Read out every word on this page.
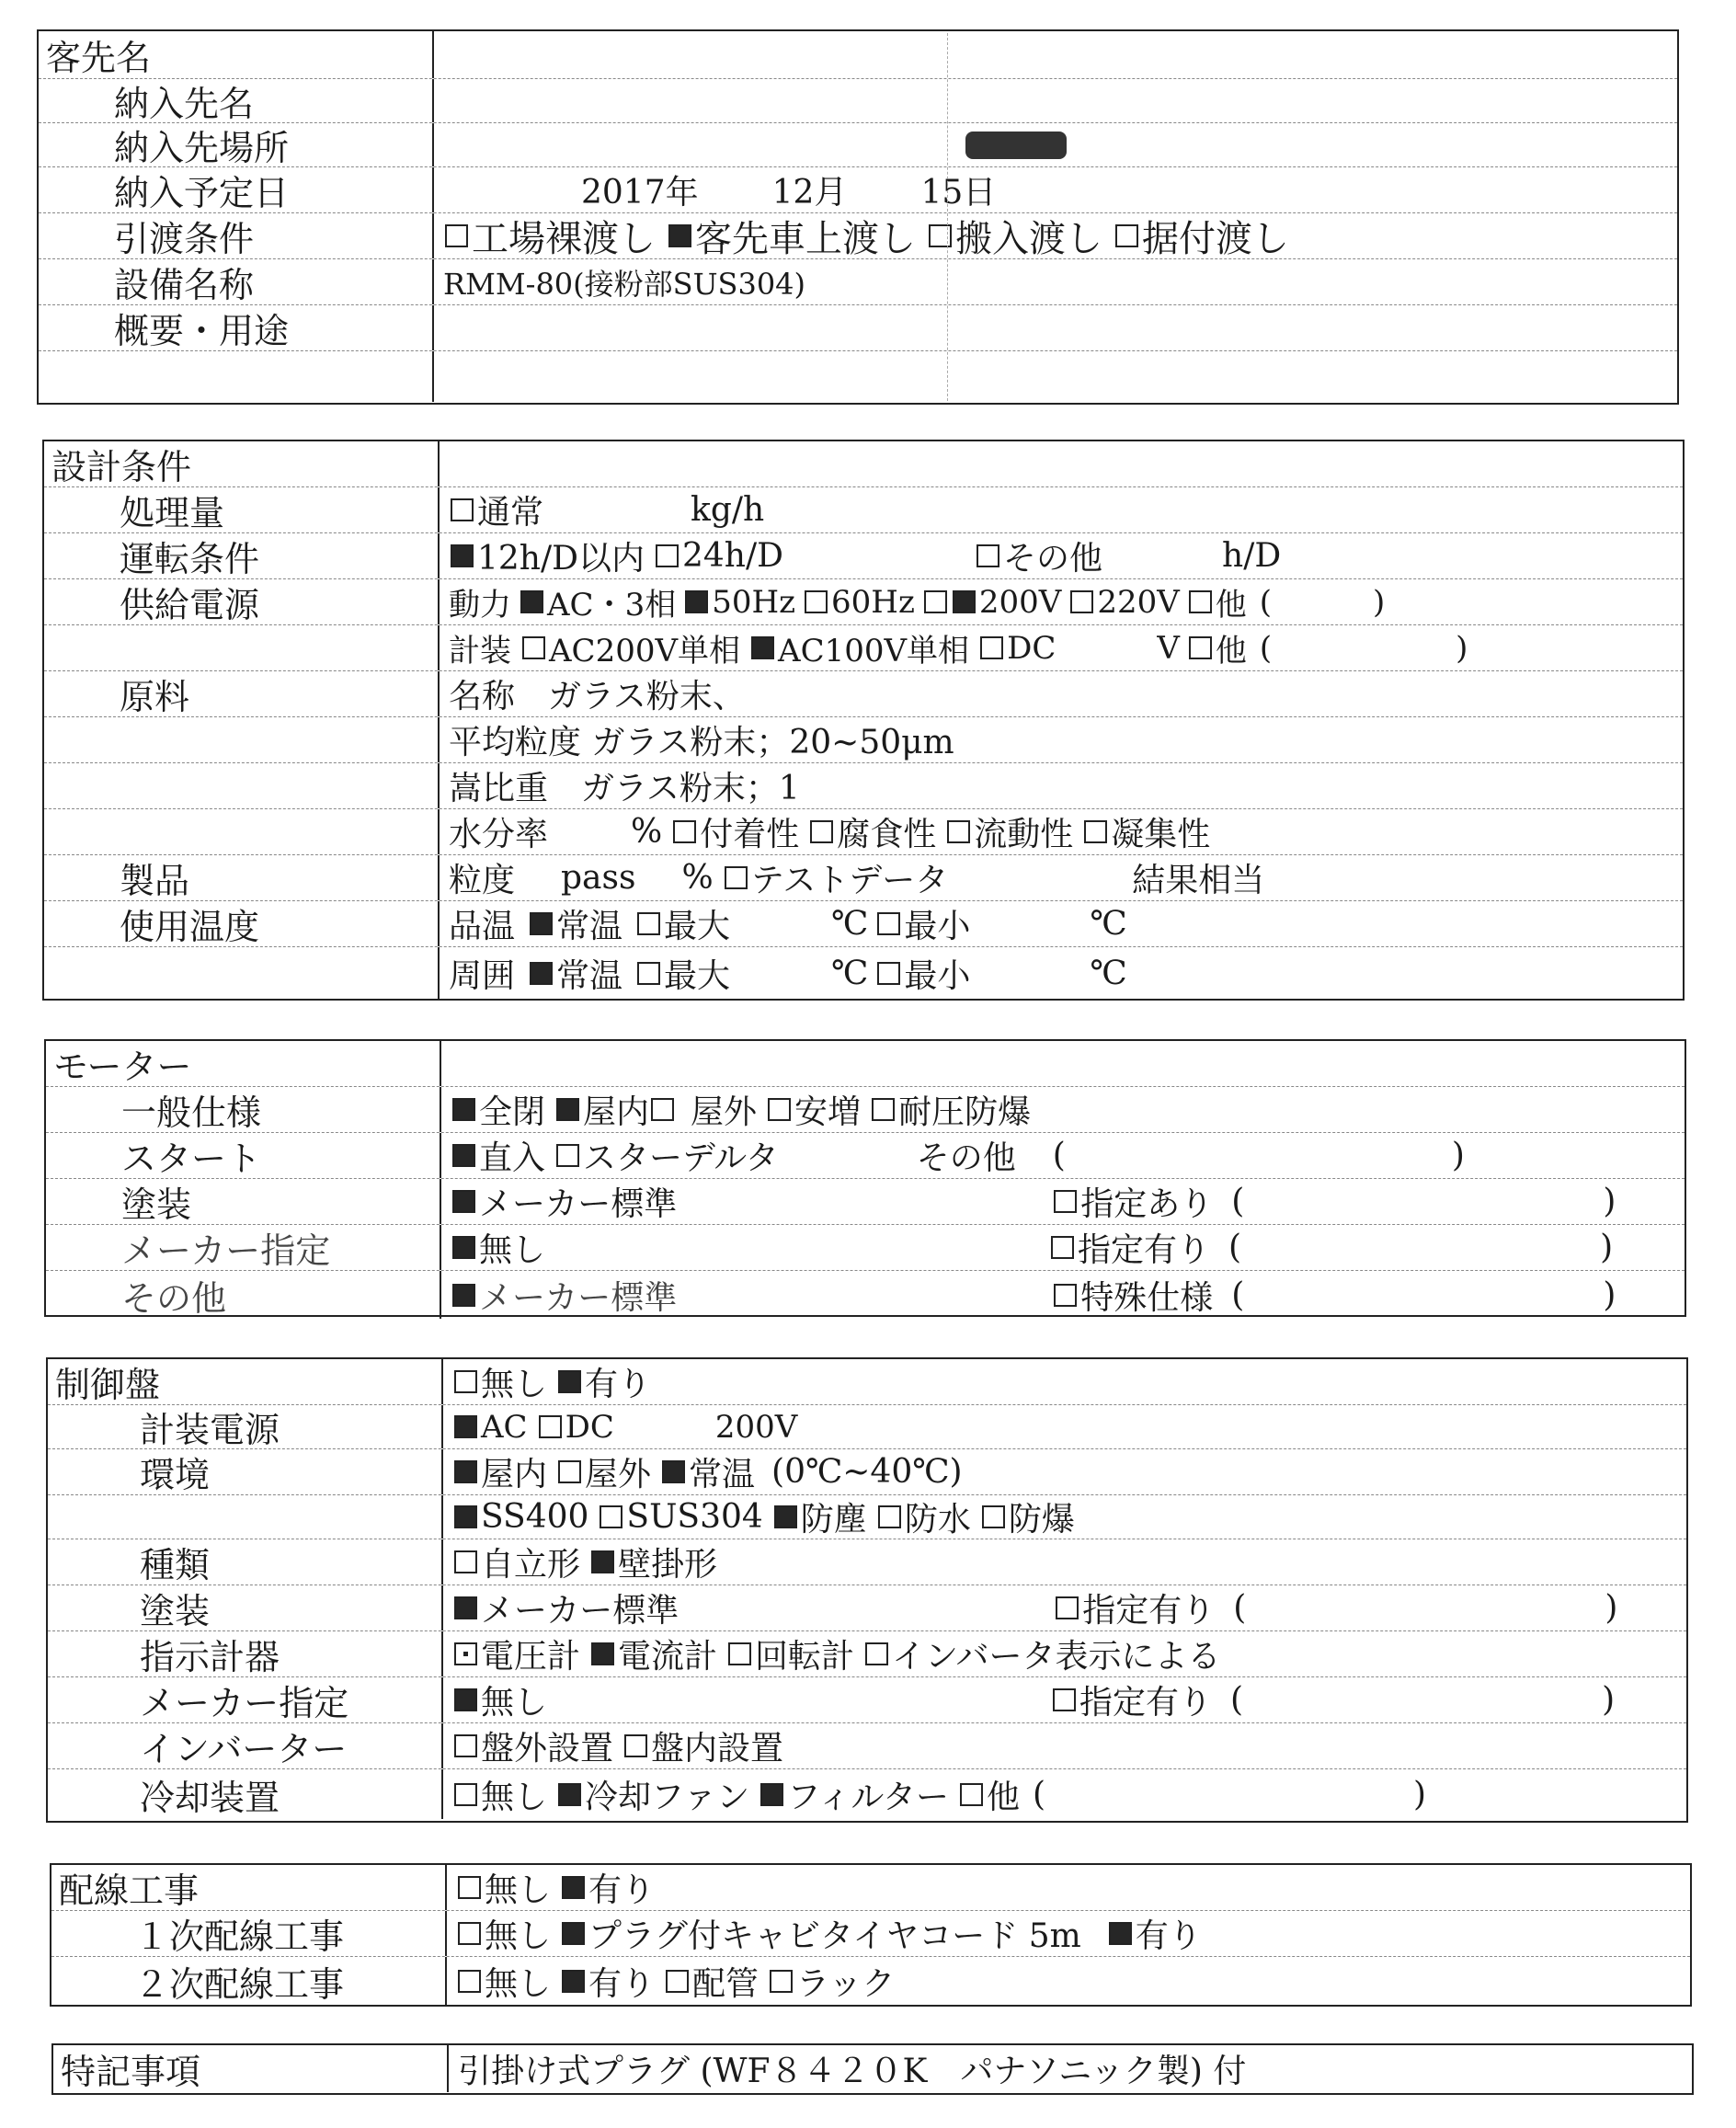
客先名
納入先名
納入先場所
納入予定日	2017年 12月 15日
引渡条件	工場裸渡し 客先車上渡し 搬入渡し 据付渡し
設備名称	RMM-80(接粉部SUS304)
概要・用途
設計条件
処理量	通常	kg/h
運転条件	12h/D以内 24h/D	その他	h/D
供給電源	動力 AC・3相 50Hz 60Hz 200V 220V 他 (	)
計装 AC200V単相 AC100V単相 DC	V 他 (	)
原料	名称　ガラス粉末、
平均粒度 ガラス粉末；20~50μm
嵩比重　ガラス粉末；1
水分率	% 付着性 腐食性 流動性 凝集性
製品	粒度 pass % テストデータ	結果相当
使用温度	品温 常温 最大	℃ 最小	℃
周囲 常温 最大	℃ 最小	℃
モーター
一般仕様	全閉 屋内 屋外 安増 耐圧防爆
スタート	直入 スターデルタ	その他 (	)
塗装	メーカー標準	指定あり (	)
メーカー指定	無し	指定有り (	)
その他	メーカー標準	特殊仕様 (	)
制御盤	無し 有り
計装電源	AC DC	200V
環境	屋内 屋外 常温 (0℃~40℃)
SS400 SUS304 防塵 防水 防爆
種類	自立形 壁掛形
塗装	メーカー標準	指定有り (	)
指示計器	電圧計 電流計 回転計 インバータ表示による
メーカー指定	無し	指定有り (	)
インバーター	盤外設置 盤内設置
冷却装置	無し 冷却ファン フィルター 他 (	)
配線工事	無し 有り
１次配線工事	無し プラグ付キャビタイヤコード 5m 有り
２次配線工事	無し 有り 配管 ラック
特記事項	引掛け式プラグ (WF８４２０K　パナソニック製) 付
